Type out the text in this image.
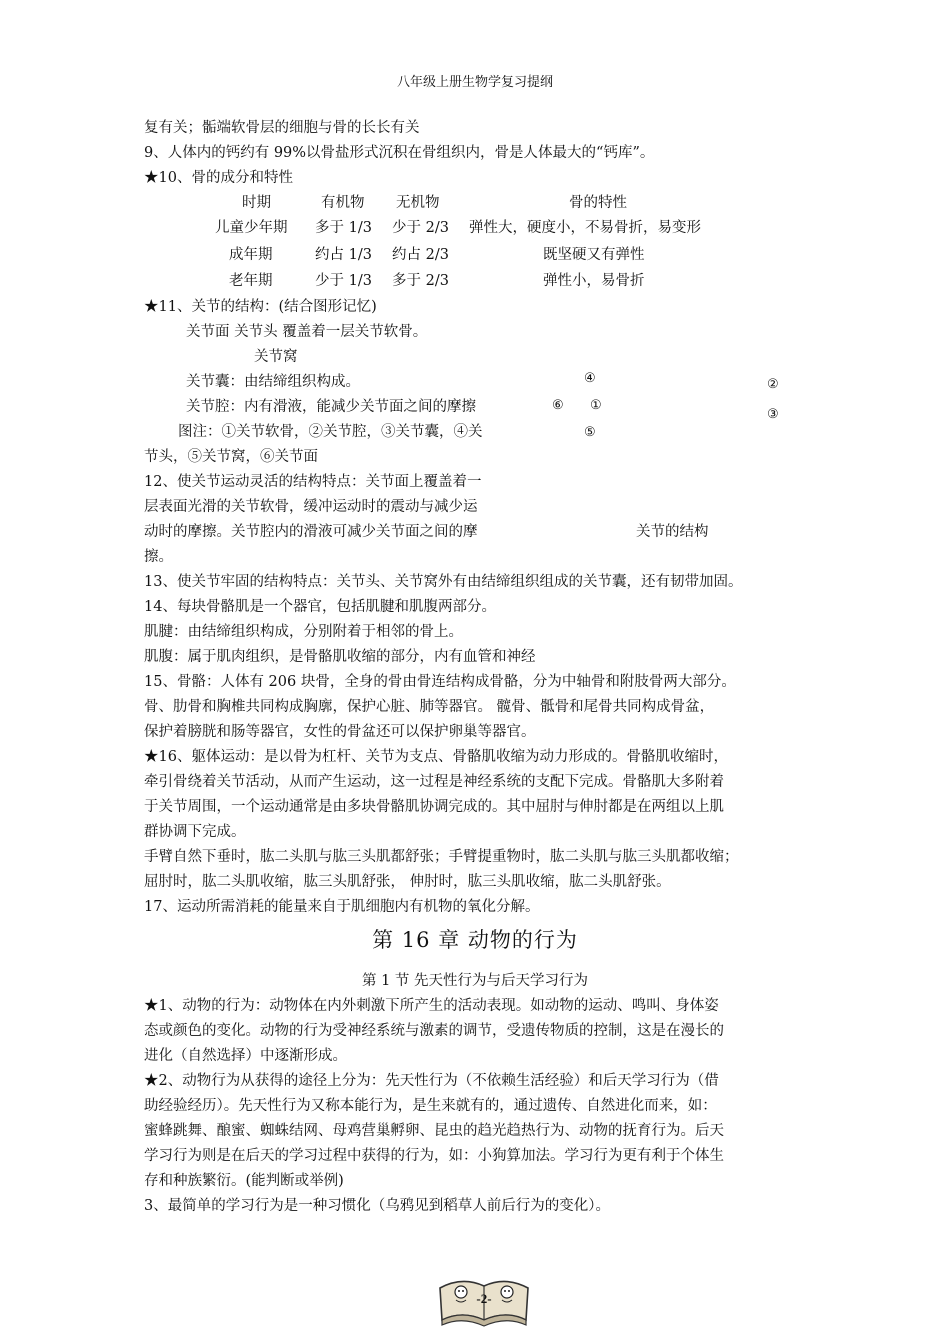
八年级上册生物学复习提纲
复有关；骺端软骨层的细胞与骨的长长有关
9、人体内的钙约有 99%以骨盐形式沉积在骨组织内，骨是人体最大的“钙库”。
★10、骨的成分和特性
时期	有机物 无机物	骨的特性
儿童少年期 多于 1/3 少于 2/3 弹性大，硬度小，不易骨折，易变形
成年期	约占 1/3 约占 2/3	既坚硬又有弹性
老年期	少于 1/3 多于 2/3	弹性小，易骨折
★11、关节的结构：(结合图形记忆)
关节面 关节头 覆盖着一层关节软骨。
关节窝
关节囊：由结缔组织构成。
关节腔：内有滑液，能减少关节面之间的摩擦
图注：①关节软骨，②关节腔，③关节囊，④关
节头，⑤关节窝，⑥关节面
12、使关节运动灵活的结构特点：关节面上覆盖着一
层表面光滑的关节软骨，缓冲运动时的震动与减少运
动时的摩擦。关节腔内的滑液可减少关节面之间的摩
擦。
④
⑥ ①
⑤
②
③
关节的结构
13、使关节牢固的结构特点：关节头、关节窝外有由结缔组织组成的关节囊，还有韧带加固。
14、每块骨骼肌是一个器官，包括肌腱和肌腹两部分。
肌腱：由结缔组织构成，分别附着于相邻的骨上。
肌腹：属于肌肉组织，是骨骼肌收缩的部分，内有血管和神经
15、骨骼：人体有 206 块骨，全身的骨由骨连结构成骨骼，分为中轴骨和附肢骨两大部分。
骨、肋骨和胸椎共同构成胸廓，保护心脏、肺等器官。 髋骨、骶骨和尾骨共同构成骨盆，
保护着膀胱和肠等器官，女性的骨盆还可以保护卵巢等器官。
★16、躯体运动：是以骨为杠杆、关节为支点、骨骼肌收缩为动力形成的。骨骼肌收缩时，
牵引骨绕着关节活动，从而产生运动，这一过程是神经系统的支配下完成。骨骼肌大多附着
于关节周围，一个运动通常是由多块骨骼肌协调完成的。其中屈肘与伸肘都是在两组以上肌
群协调下完成。
手臂自然下垂时，肱二头肌与肱三头肌都舒张；手臂提重物时，肱二头肌与肱三头肌都收缩；
屈肘时，肱二头肌收缩，肱三头肌舒张， 伸肘时，肱三头肌收缩，肱二头肌舒张。
17、运动所需消耗的能量来自于肌细胞内有机物的氧化分解。
第 16 章 动物的行为
第 1 节 先天性行为与后天学习行为
★1、动物的行为：动物体在内外刺激下所产生的活动表现。如动物的运动、鸣叫、身体姿
态或颜色的变化。动物的行为受神经系统与激素的调节，受遗传物质的控制，这是在漫长的
进化（自然选择）中逐渐形成。
★2、动物行为从获得的途径上分为：先天性行为（不依赖生活经验）和后天学习行为（借
助经验经历）。先天性行为又称本能行为，是生来就有的，通过遗传、自然进化而来，如：
蜜蜂跳舞、酿蜜、蜘蛛结网、母鸡营巢孵卵、昆虫的趋光趋热行为、动物的抚育行为。后天
学习行为则是在后天的学习过程中获得的行为，如：小狗算加法。学习行为更有利于个体生
存和种族繁衍。(能判断或举例)
3、最简单的学习行为是一种习惯化（乌鸦见到稻草人前后行为的变化）。
-2-
